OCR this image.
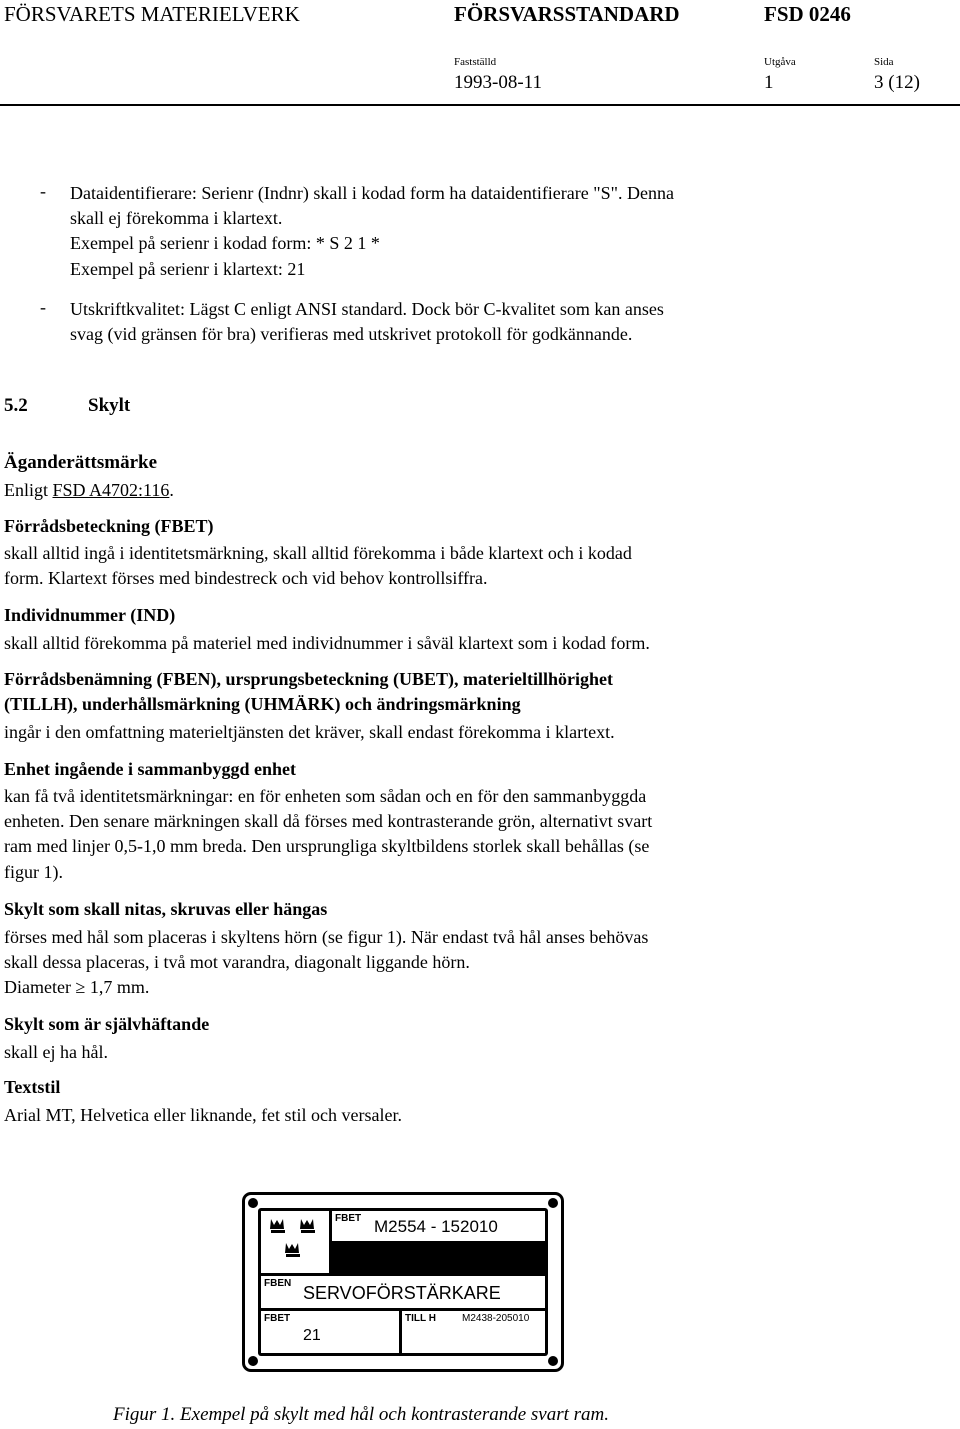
FÖRSVARETS MATERIELVERK	FÖRSVARSSTANDARD	FSD 0246
Fastställd	Utgåva	Sida
1993-08-11	1	3 (12)
- Dataidentifierare: Serienr (Indnr) skall i kodad form ha dataidentifierare "S". Denna
skall ej förekomma i klartext.
Exempel på serienr i kodad form: * S 2 1 *
Exempel på serienr i klartext: 21
- Utskriftkvalitet: Lägst C enligt ANSI standard. Dock bör C-kvalitet som kan anses
svag (vid gränsen för bra) verifieras med utskrivet protokoll för godkännande.
5.2	Skylt
Äganderättsmärke
Enligt FSD A4702:116.
Förrådsbeteckning (FBET)
skall alltid ingå i identitetsmärkning, skall alltid förekomma i både klartext och i kodad
form. Klartext förses med bindestreck och vid behov kontrollsiffra.
Individnummer (IND)
skall alltid förekomma på materiel med individnummer i såväl klartext som i kodad form.
Förrådsbenämning (FBEN), ursprungsbeteckning (UBET), materieltillhörighet
(TILLH), underhållsmärkning (UHMÄRK) och ändringsmärkning
ingår i den omfattning materieltjänsten det kräver, skall endast förekomma i klartext.
Enhet ingående i sammanbyggd enhet
kan få två identitetsmärkningar: en för enheten som sådan och en för den sammanbyggda
enheten. Den senare märkningen skall då förses med kontrasterande grön, alternativt svart
ram med linjer 0,5-1,0 mm breda. Den ursprungliga skyltbildens storlek skall behållas (se
figur 1).
Skylt som skall nitas, skruvas eller hängas
förses med hål som placeras i skyltens hörn (se figur 1). När endast två hål anses behövas
skall dessa placeras, i två mot varandra, diagonalt liggande hörn.
Diameter ≥ 1,7 mm.
Skylt som är självhäftande
skall ej ha hål.
Textstil
Arial MT, Helvetica eller liknande, fet stil och versaler.
FBET M2554 - 152010
FBEN SERVOFÖRSTÄRKARE
FBET
21
TILL H	M2438-205010
Figur 1. Exempel på skylt med hål och kontrasterande svart ram.
